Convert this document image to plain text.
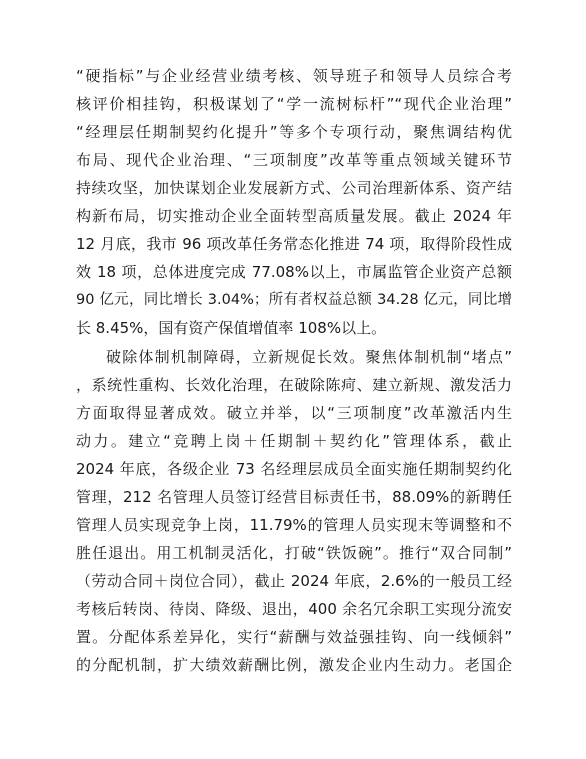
“硬指标”与企业经营业绩考核、领导班子和领导人员综合考
核评价相挂钩，积极谋划了“学一流树标杆”“现代企业治理”
“经理层任期制契约化提升”等多个专项行动，聚焦调结构优
布局、现代企业治理、“三项制度”改革等重点领域关键环节
持续攻坚，加快谋划企业发展新方式、公司治理新体系、资产结
构新布局，切实推动企业全面转型高质量发展。截止 2024 年
12 月底，我市 96 项改革任务常态化推进 74 项，取得阶段性成
效 18 项，总体进度完成 77.08%以上，市属监管企业资产总额
90 亿元，同比增长 3.04%；所有者权益总额 34.28 亿元，同比增
长 8.45%，国有资产保值增值率 108%以上。
破除体制机制障碍，立新规促长效。聚焦体制机制“堵点”
，系统性重构、长效化治理，在破除陈疴、建立新规、激发活力
方面取得显著成效。破立并举，以“三项制度”改革激活内生
动力。建立“竞聘上岗＋任期制＋契约化”管理体系，截止
2024 年底，各级企业 73 名经理层成员全面实施任期制契约化
管理，212 名管理人员签订经营目标责任书，88.09%的新聘任
管理人员实现竞争上岗，11.79%的管理人员实现末等调整和不
胜任退出。用工机制灵活化，打破“铁饭碗”。推行“双合同制”
（劳动合同＋岗位合同），截止 2024 年底，2.6%的一般员工经
考核后转岗、待岗、降级、退出，400 余名冗余职工实现分流安
置。分配体系差异化，实行“薪酬与效益强挂钩、向一线倾斜”
的分配机制，扩大绩效薪酬比例，激发企业内生动力。老国企
